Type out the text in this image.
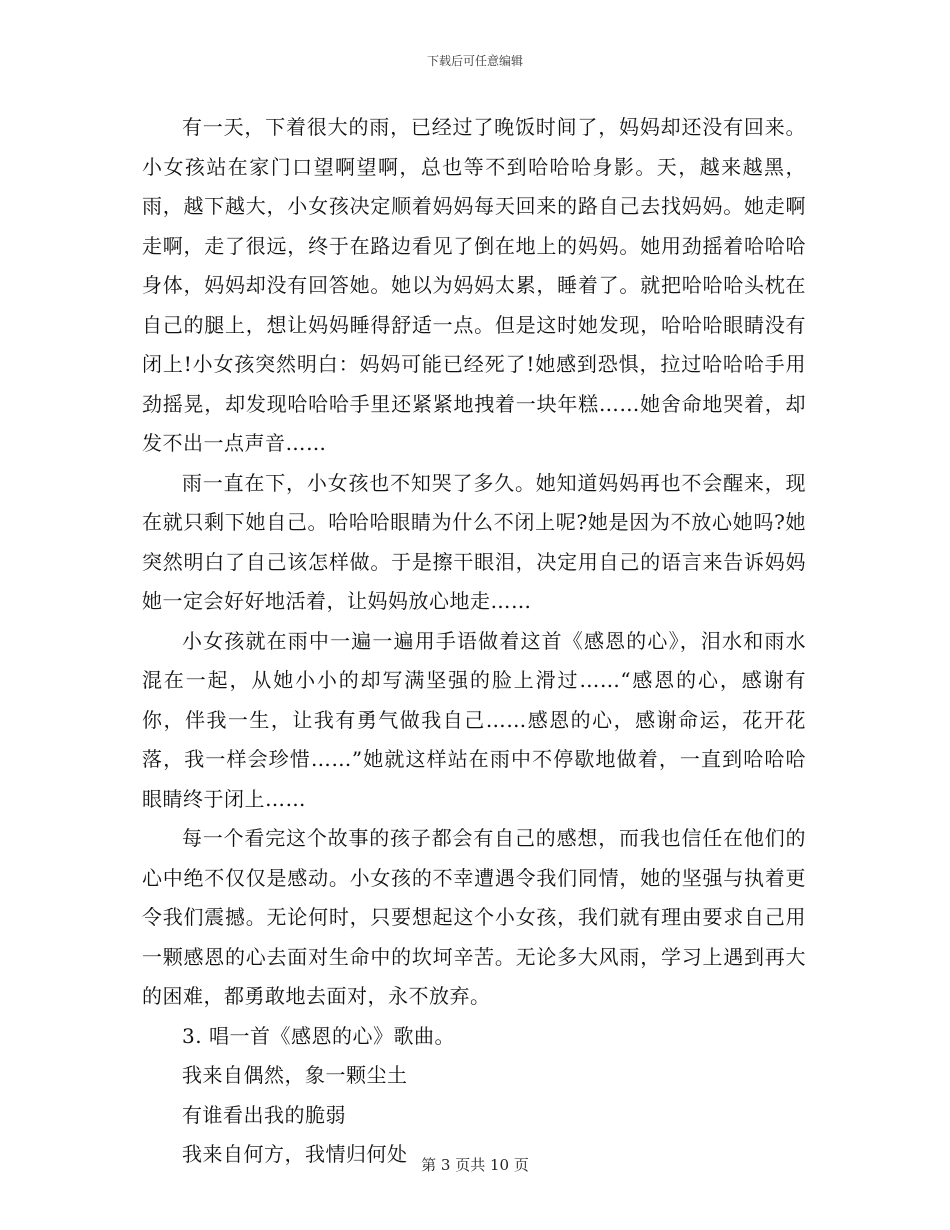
下载后可任意编辑

有一天，下着很大的雨，已经过了晚饭时间了，妈妈却还没有回来。小女孩站在家门口望啊望啊，总也等不到哈哈哈身影。天，越来越黑，雨，越下越大，小女孩决定顺着妈妈每天回来的路自己去找妈妈。她走啊走啊，走了很远，终于在路边看见了倒在地上的妈妈。她用劲摇着哈哈哈身体，妈妈却没有回答她。她以为妈妈太累，睡着了。就把哈哈哈头枕在自己的腿上，想让妈妈睡得舒适一点。但是这时她发现，哈哈哈眼睛没有闭上!小女孩突然明白：妈妈可能已经死了!她感到恐惧，拉过哈哈哈手用劲摇晃，却发现哈哈哈手里还紧紧地拽着一块年糕……她舍命地哭着，却发不出一点声音……

雨一直在下，小女孩也不知哭了多久。她知道妈妈再也不会醒来，现在就只剩下她自己。哈哈哈眼睛为什么不闭上呢?她是因为不放心她吗?她突然明白了自己该怎样做。于是擦干眼泪，决定用自己的语言来告诉妈妈她一定会好好地活着，让妈妈放心地走……

小女孩就在雨中一遍一遍用手语做着这首《感恩的心》，泪水和雨水混在一起，从她小小的却写满坚强的脸上滑过……“感恩的心，感谢有你，伴我一生，让我有勇气做我自己……感恩的心，感谢命运，花开花落，我一样会珍惜……”她就这样站在雨中不停歇地做着，一直到哈哈哈眼睛终于闭上……

每一个看完这个故事的孩子都会有自己的感想，而我也信任在他们的心中绝不仅仅是感动。小女孩的不幸遭遇令我们同情，她的坚强与执着更令我们震撼。无论何时，只要想起这个小女孩，我们就有理由要求自己用一颗感恩的心去面对生命中的坎坷辛苦。无论多大风雨，学习上遇到再大的困难，都勇敢地去面对，永不放弃。

3. 唱一首《感恩的心》歌曲。

我来自偶然，象一颗尘土

有谁看出我的脆弱

我来自何方，我情归何处 第 3 页共 10 页
